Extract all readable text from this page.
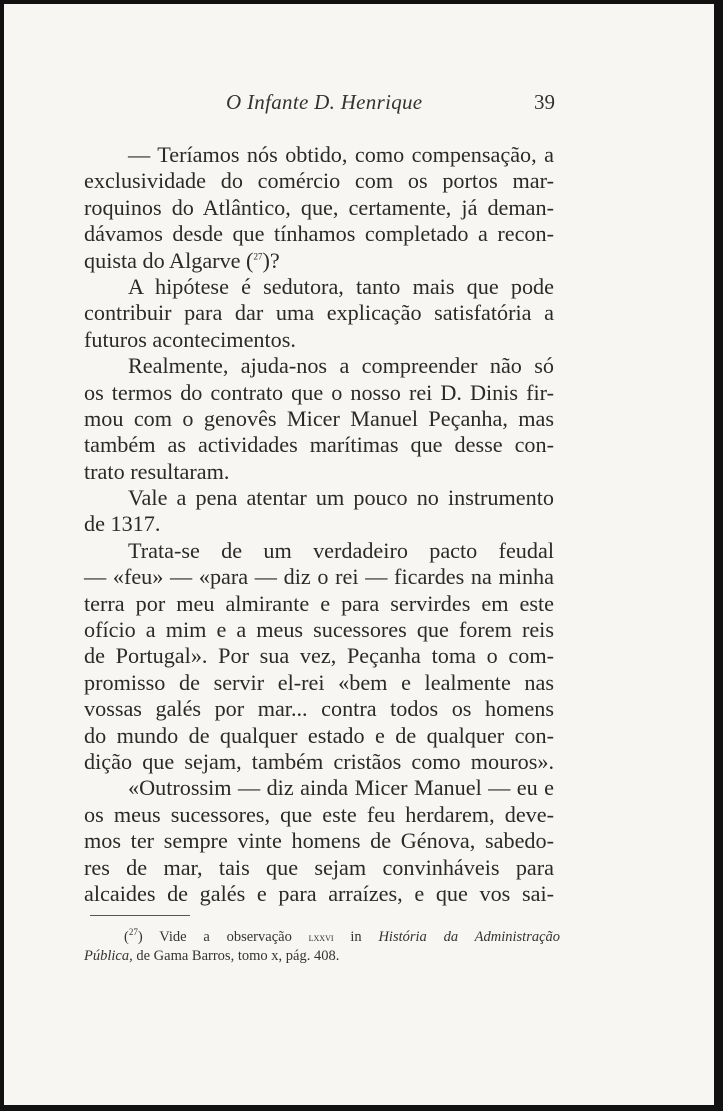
O Infante D. Henrique	39
— Teríamos nós obtido, como compensação, a
exclusividade do comércio com os portos mar-
roquinos do Atlântico, que, certamente, já deman-
dávamos desde que tínhamos completado a recon-
quista do Algarve ($^{27}$)?
A hipótese é sedutora, tanto mais que pode
contribuir para dar uma explicação satisfatória a
futuros acontecimentos.
Realmente, ajuda-nos a compreender não só
os termos do contrato que o nosso rei D. Dinis fir-
mou com o genovês Micer Manuel Peçanha, mas
também as actividades marítimas que desse con-
trato resultaram.
Vale a pena atentar um pouco no instrumento
de 1317.
Trata-se de um verdadeiro pacto feudal
— «feu» — «para — diz o rei — ficardes na minha
terra por meu almirante e para servirdes em este
ofício a mim e a meus sucessores que forem reis
de Portugal». Por sua vez, Peçanha toma o com-
promisso de servir el-rei «bem e lealmente nas
vossas galés por mar... contra todos os homens
do mundo de qualquer estado e de qualquer con-
dição que sejam, também cristãos como mouros».
«Outrossim — diz ainda Micer Manuel — eu e
os meus sucessores, que este feu herdarem, deve-
mos ter sempre vinte homens de Génova, sabedo-
res de mar, tais que sejam convinháveis para
alcaides de galés e para arraízes, e que vos sai-
($^{27}$) Vide a observação lxxvi in História da Administração
Pública, de Gama Barros, tomo x, pág. 408.
